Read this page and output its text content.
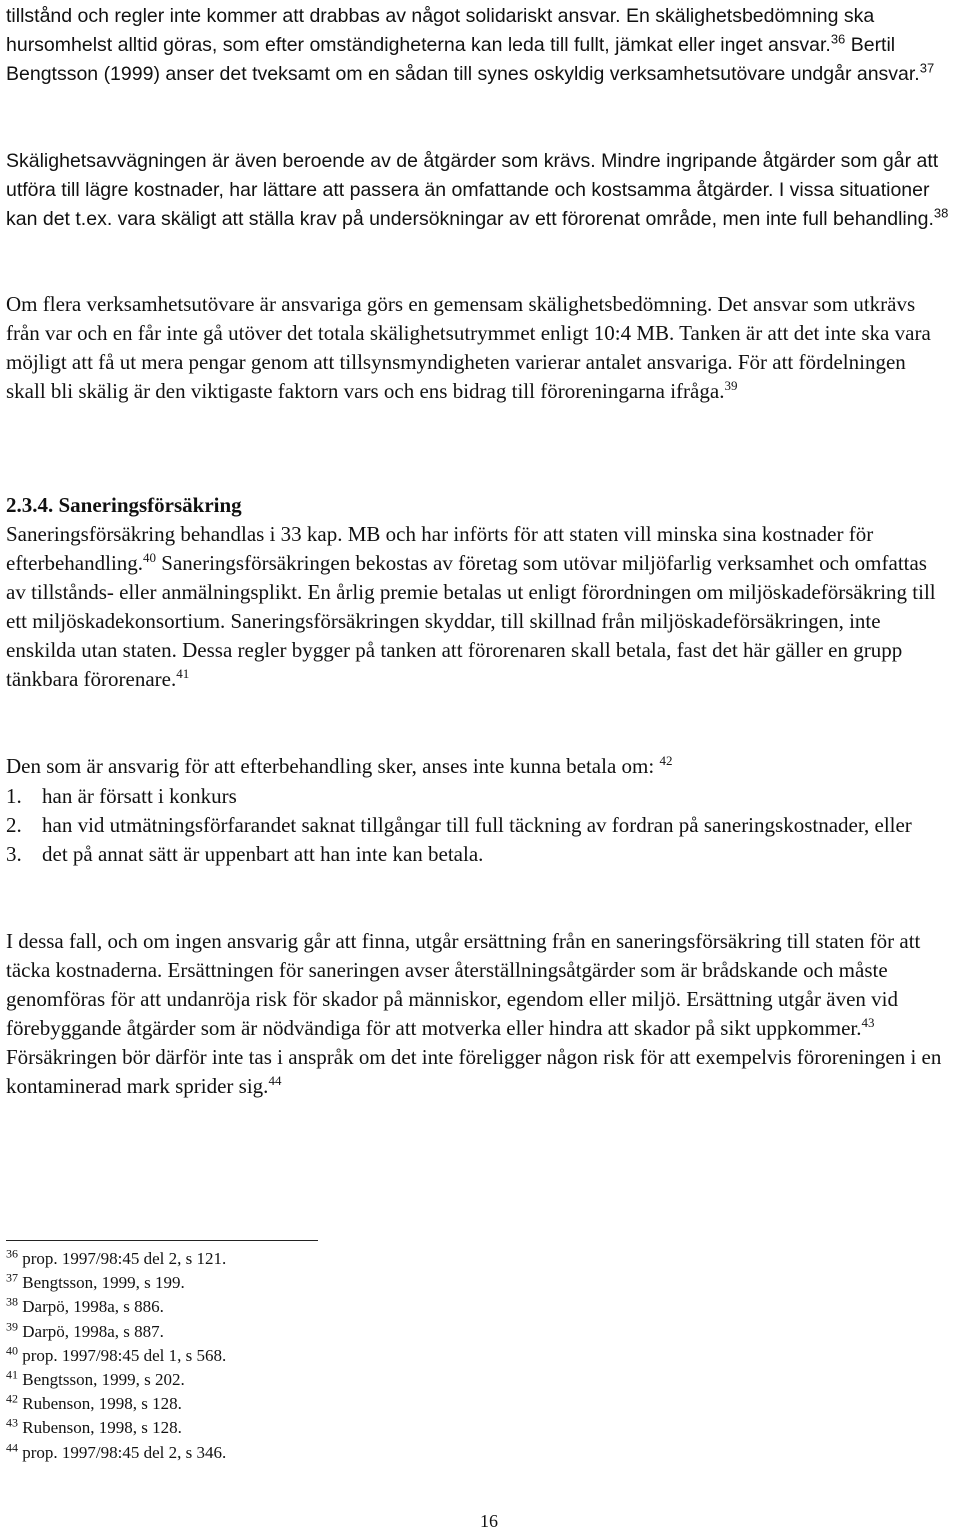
tillstånd och regler inte kommer att drabbas av något solidariskt ansvar. En skälighetsbedömning ska hursomhelst alltid göras, som efter omständigheterna kan leda till fullt, jämkat eller inget ansvar.$^{36}$ Bertil Bengtsson (1999) anser det tveksamt om en sådan till synes oskyldig verksamhetsutövare undgår ansvar.$^{37}$

Skälighetsavvägningen är även beroende av de åtgärder som krävs. Mindre ingripande åtgärder som går att utföra till lägre kostnader, har lättare att passera än omfattande och kostsamma åtgärder. I vissa situationer kan det t.ex. vara skäligt att ställa krav på undersökningar av ett förorenat område, men inte full behandling.$^{38}$

Om flera verksamhetsutövare är ansvariga görs en gemensam skälighetsbedömning. Det ansvar som utkrävs från var och en får inte gå utöver det totala skälighetsutrymmet enligt 10:4 MB. Tanken är att det inte ska vara möjligt att få ut mera pengar genom att tillsynsmyndigheten varierar antalet ansvariga. För att fördelningen skall bli skälig är den viktigaste faktorn vars och ens bidrag till föroreningarna ifråga.$^{39}$

2.3.4. Saneringsförsäkring

Saneringsförsäkring behandlas i 33 kap. MB och har införts för att staten vill minska sina kostnader för efterbehandling.$^{40}$ Saneringsförsäkringen bekostas av företag som utövar miljöfarlig verksamhet och omfattas av tillstånds- eller anmälningsplikt. En årlig premie betalas ut enligt förordningen om miljöskadeförsäkring till ett miljöskadekonsortium. Saneringsförsäkringen skyddar, till skillnad från miljöskadeförsäkringen, inte enskilda utan staten. Dessa regler bygger på tanken att förorenaren skall betala, fast det här gäller en grupp tänkbara förorenare.$^{41}$

Den som är ansvarig för att efterbehandling sker, anses inte kunna betala om: $^{42}$

1. han är försatt i konkurs
2. han vid utmätningsförfarandet saknat tillgångar till full täckning av fordran på saneringskostnader, eller
3. det på annat sätt är uppenbart att han inte kan betala.

I dessa fall, och om ingen ansvarig går att finna, utgår ersättning från en saneringsförsäkring till staten för att täcka kostnaderna. Ersättningen för saneringen avser återställningsåtgärder som är brådskande och måste genomföras för att undanröja risk för skador på människor, egendom eller miljö. Ersättning utgår även vid förebyggande åtgärder som är nödvändiga för att motverka eller hindra att skador på sikt uppkommer.$^{43}$ Försäkringen bör därför inte tas i anspråk om det inte föreligger någon risk för att exempelvis föroreningen i en kontaminerad mark sprider sig.$^{44}$

$^{36}$ prop. 1997/98:45 del 2, s 121.
$^{37}$ Bengtsson, 1999, s 199.
$^{38}$ Darpö, 1998a, s 886.
$^{39}$ Darpö, 1998a, s 887.
$^{40}$ prop. 1997/98:45 del 1, s 568.
$^{41}$ Bengtsson, 1999, s 202.
$^{42}$ Rubenson, 1998, s 128.
$^{43}$ Rubenson, 1998, s 128.
$^{44}$ prop. 1997/98:45 del 2, s 346.
16
